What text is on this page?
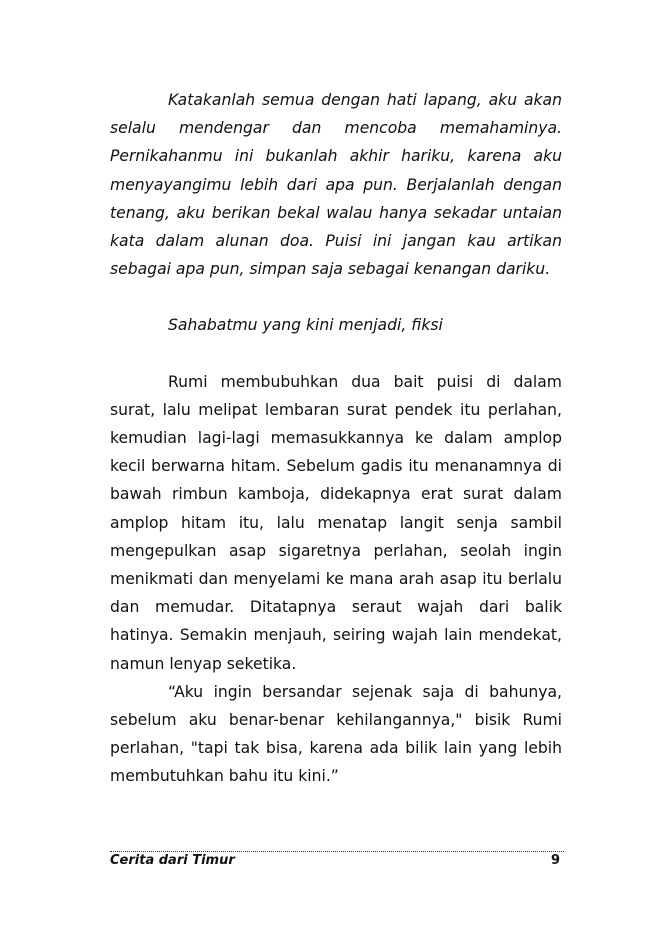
Katakanlah semua dengan hati lapang, aku akan selalu mendengar dan mencoba memahaminya. Pernikahanmu ini bukanlah akhir hariku, karena aku menyayangimu lebih dari apa pun. Berjalanlah dengan tenang, aku berikan bekal walau hanya sekadar untaian kata dalam alunan doa. Puisi ini jangan kau artikan sebagai apa pun, simpan saja sebagai kenangan dariku.

Sahabatmu yang kini menjadi, fiksi

Rumi membubuhkan dua bait puisi di dalam surat, lalu melipat lembaran surat pendek itu perlahan, kemudian lagi-lagi memasukkannya ke dalam amplop kecil berwarna hitam. Sebelum gadis itu menanamnya di bawah rimbun kamboja, didekapnya erat surat dalam amplop hitam itu, lalu menatap langit senja sambil mengepulkan asap sigaretnya perlahan, seolah ingin menikmati dan menyelami ke mana arah asap itu berlalu dan memudar. Ditatapnya seraut wajah dari balik hatinya. Semakin menjauh, seiring wajah lain mendekat, namun lenyap seketika.

“Aku ingin bersandar sejenak saja di bahunya, sebelum aku benar-benar kehilangannya," bisik Rumi perlahan, "tapi tak bisa, karena ada bilik lain yang lebih membutuhkan bahu itu kini.”

Cerita dari Timur	9
